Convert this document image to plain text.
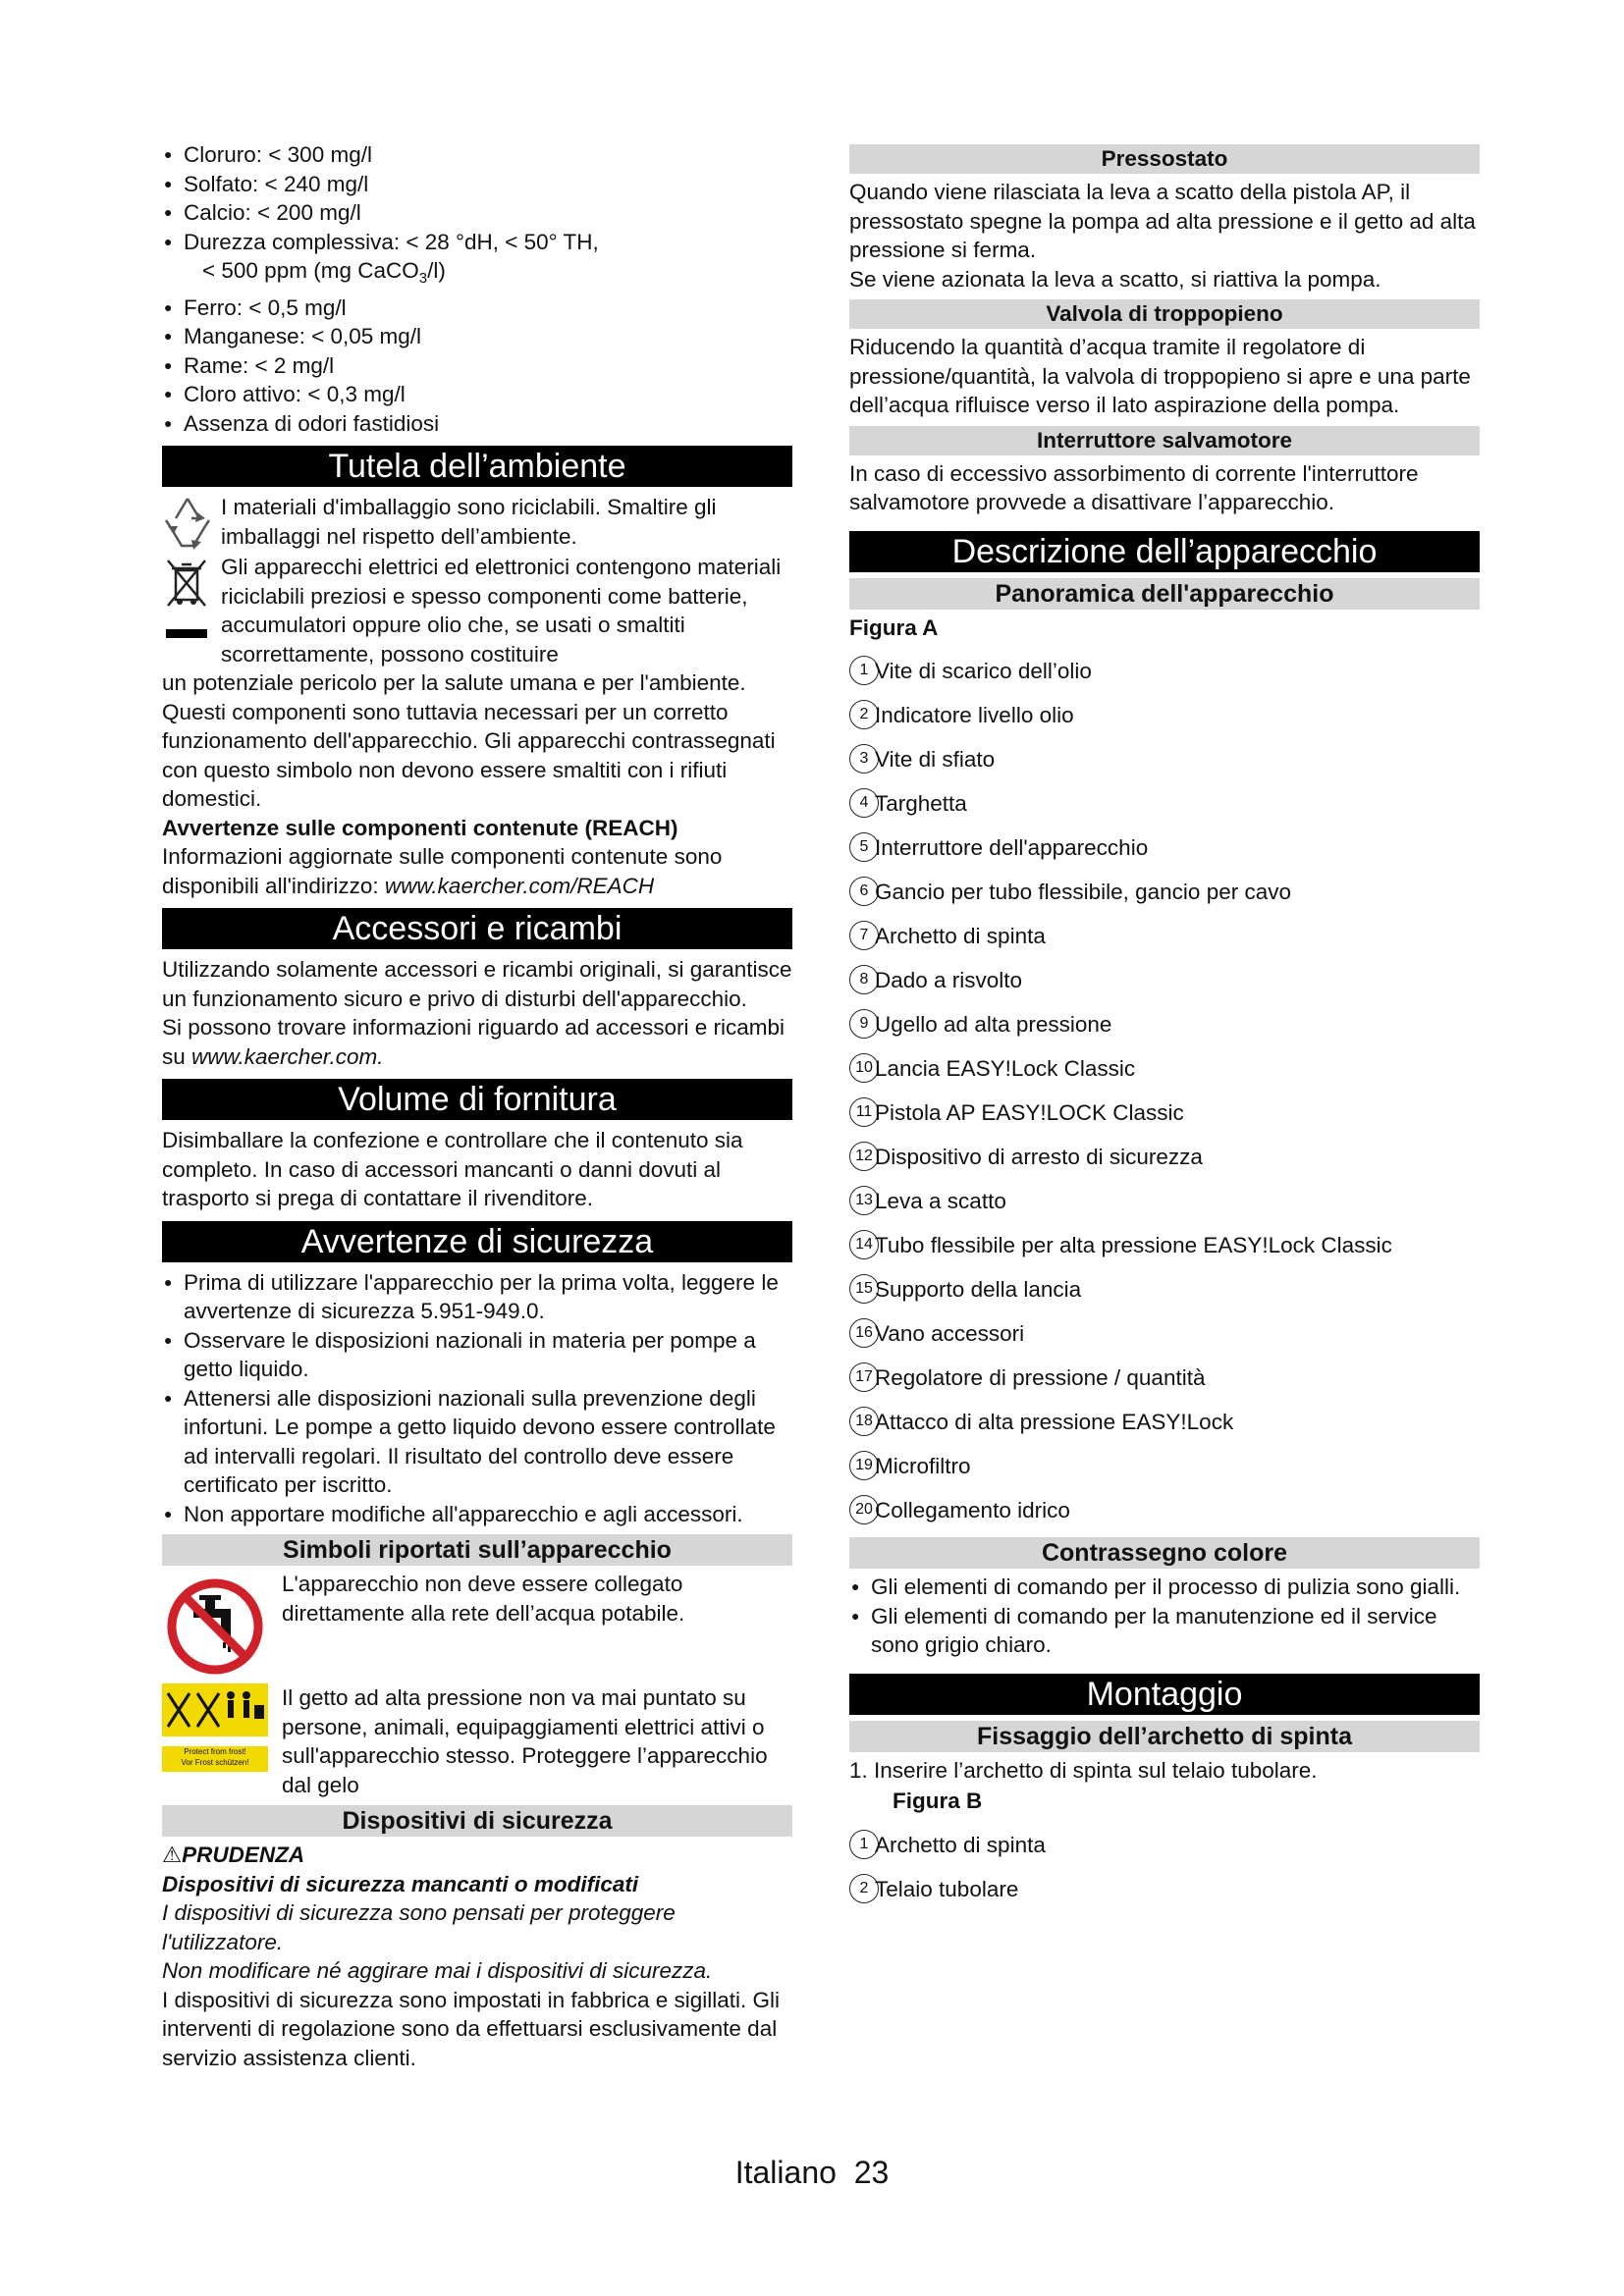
● Cloruro: < 300 mg/l
● Solfato: < 240 mg/l
● Calcio: < 200 mg/l
● Durezza complessiva: < 28 °dH, < 50° TH,
< 500 ppm (mg CaCO$_3$/l)
● Ferro: < 0,5 mg/l
● Manganese: < 0,05 mg/l
● Rame: < 2 mg/l
● Cloro attivo: < 0,3 mg/l
● Assenza di odori fastidiosi
Tutela dell’ambiente

I materiali d'imballaggio sono riciclabili. Smaltire gli imballaggi nel rispetto dell’ambiente.

Gli apparecchi elettrici ed elettronici contengono materiali riciclabili preziosi e spesso componenti come batterie, accumulatori oppure olio che, se usati o smaltiti scorrettamente, possono costituire

un potenziale pericolo per la salute umana e per l'ambiente. Questi componenti sono tuttavia necessari per un corretto funzionamento dell'apparecchio. Gli apparecchi contrassegnati con questo simbolo non devono essere smaltiti con i rifiuti domestici.

Avvertenze sulle componenti contenute (REACH)

Informazioni aggiornate sulle componenti contenute sono disponibili all'indirizzo: www.kaercher.com/REACH

Accessori e ricambi

Utilizzando solamente accessori e ricambi originali, si garantisce un funzionamento sicuro e privo di disturbi dell'apparecchio.

Si possono trovare informazioni riguardo ad accessori e ricambi su www.kaercher.com.

Volume di fornitura

Disimballare la confezione e controllare che il contenuto sia completo. In caso di accessori mancanti o danni dovuti al trasporto si prega di contattare il rivenditore.

Avvertenze di sicurezza
● Prima di utilizzare l'apparecchio per la prima volta, leggere le avvertenze di sicurezza 5.951-949.0.
● Osservare le disposizioni nazionali in materia per pompe a getto liquido.
● Attenersi alle disposizioni nazionali sulla prevenzione degli infortuni. Le pompe a getto liquido devono essere controllate ad intervalli regolari. Il risultato del controllo deve essere certificato per iscritto.
● Non apportare modifiche all'apparecchio e agli accessori.
Simboli riportati sull’apparecchio

L'apparecchio non deve essere collegato direttamente alla rete dell’acqua potabile.

Protect from frost!
Vor Frost schützen!

Il getto ad alta pressione non va mai puntato su persone, animali, equipaggiamenti elettrici attivi o sull'apparecchio stesso. Proteggere l’apparecchio dal gelo

Dispositivi di sicurezza

⚠PRUDENZA

Dispositivi di sicurezza mancanti o modificati

I dispositivi di sicurezza sono pensati per proteggere l'utilizzatore.

Non modificare né aggirare mai i dispositivi di sicurezza.

I dispositivi di sicurezza sono impostati in fabbrica e sigillati. Gli interventi di regolazione sono da effettuarsi esclusivamente dal servizio assistenza clienti.

Pressostato

Quando viene rilasciata la leva a scatto della pistola AP, il pressostato spegne la pompa ad alta pressione e il getto ad alta pressione si ferma.

Se viene azionata la leva a scatto, si riattiva la pompa.

Valvola di troppopieno

Riducendo la quantità d’acqua tramite il regolatore di pressione/quantità, la valvola di troppopieno si apre e una parte dell’acqua rifluisce verso il lato aspirazione della pompa.

Interruttore salvamotore

In caso di eccessivo assorbimento di corrente l'interruttore salvamotore provvede a disattivare l’apparecchio.

Descrizione dell’apparecchio
Panoramica dell'apparecchio

Figura A

1 Vite di scarico dell’olio
2 Indicatore livello olio
3 Vite di sfiato
4 Targhetta
5 Interruttore dell'apparecchio
6 Gancio per tubo flessibile, gancio per cavo
7 Archetto di spinta
8 Dado a risvolto
9 Ugello ad alta pressione
10 Lancia EASY!Lock Classic
11 Pistola AP EASY!LOCK Classic
12 Dispositivo di arresto di sicurezza
13 Leva a scatto
14 Tubo flessibile per alta pressione EASY!Lock Classic
15 Supporto della lancia
16 Vano accessori
17 Regolatore di pressione / quantità
18 Attacco di alta pressione EASY!Lock
19 Microfiltro
20 Collegamento idrico
Contrassegno colore
● Gli elementi di comando per il processo di pulizia sono gialli.
● Gli elementi di comando per la manutenzione ed il service sono grigio chiaro.
Montaggio
Fissaggio dell’archetto di spinta

1. Inserire l’archetto di spinta sul telaio tubolare.

Figura B

1 Archetto di spinta
2 Telaio tubolare
Italiano 23
